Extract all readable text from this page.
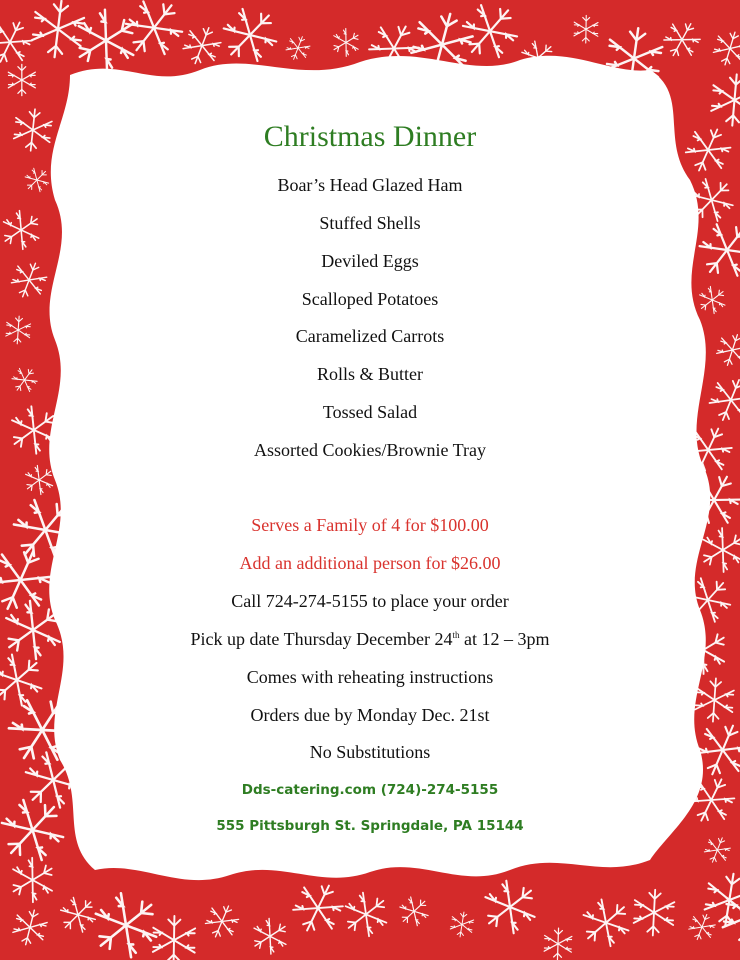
Christmas Dinner
Boar’s Head Glazed Ham
Stuffed Shells
Deviled Eggs
Scalloped Potatoes
Caramelized Carrots
Rolls & Butter
Tossed Salad
Assorted Cookies/Brownie Tray
Serves a Family of 4 for $100.00
Add an additional person for $26.00
Call 724-274-5155 to place your order
Pick up date Thursday December 24th at 12 – 3pm
Comes with reheating instructions
Orders due by Monday Dec. 21st
No Substitutions
Dds-catering.com (724)-274-5155
555 Pittsburgh St. Springdale, PA 15144
